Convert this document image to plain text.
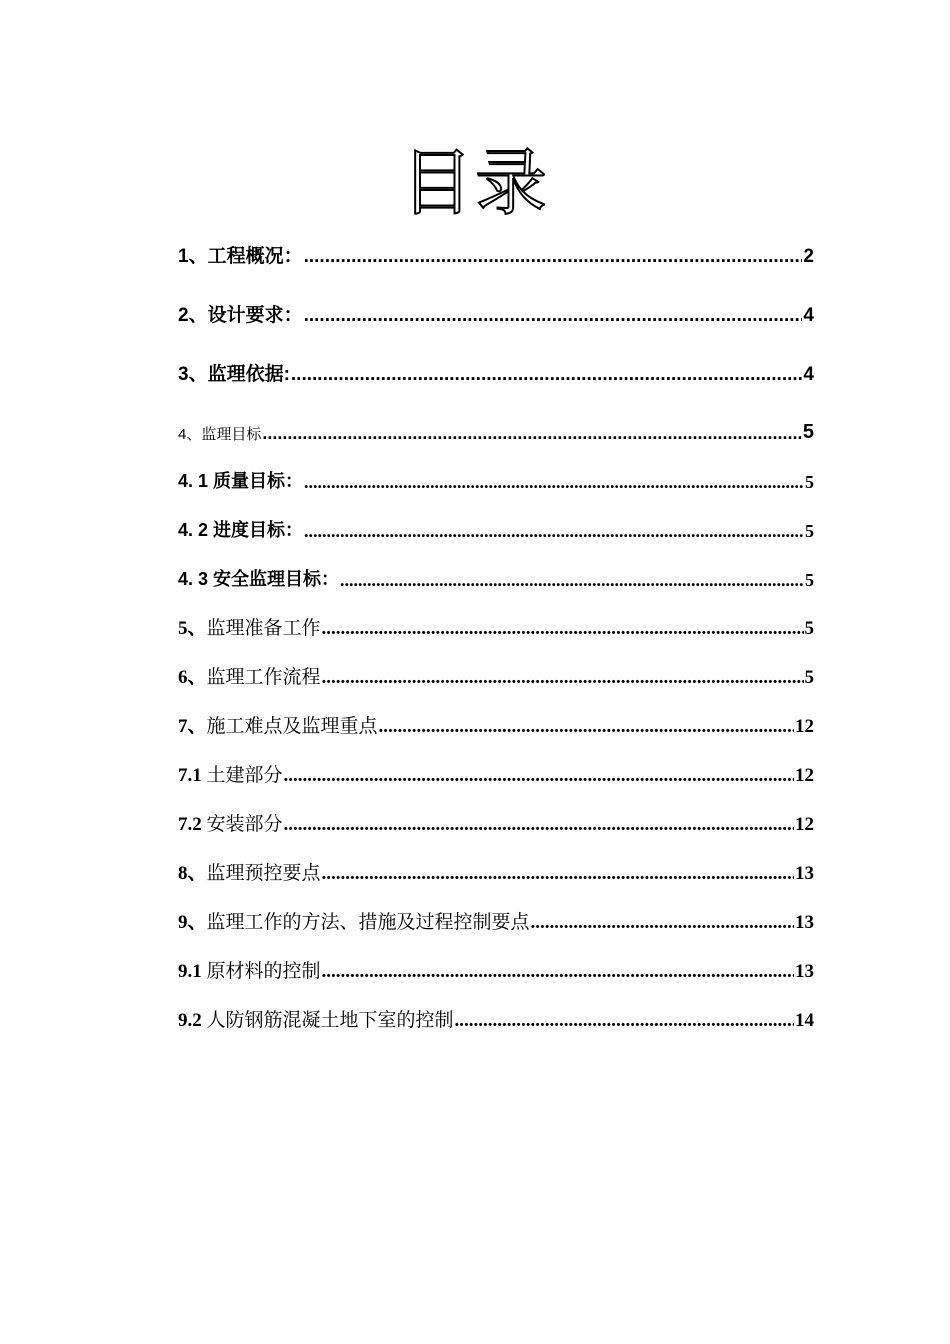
目录
1、工程概况： .....	2
2、设计要求： .....	4
3、监理依据: .....	4
4、监理目标 .....	5
4. 1 质量目标： .....	5
4. 2 进度目标： .....	5
4. 3 安全监理目标： .....	5
5、监理准备工作 .....	5
6、监理工作流程 .....	5
7、施工难点及监理重点 .....	12
7.1 土建部分 .....	12
7.2 安装部分 .....	12
8、监理预控要点 .....	13
9、监理工作的方法、措施及过程控制要点 .....	13
9.1 原材料的控制 .....	13
9.2 人防钢筋混凝土地下室的控制 .....	14
